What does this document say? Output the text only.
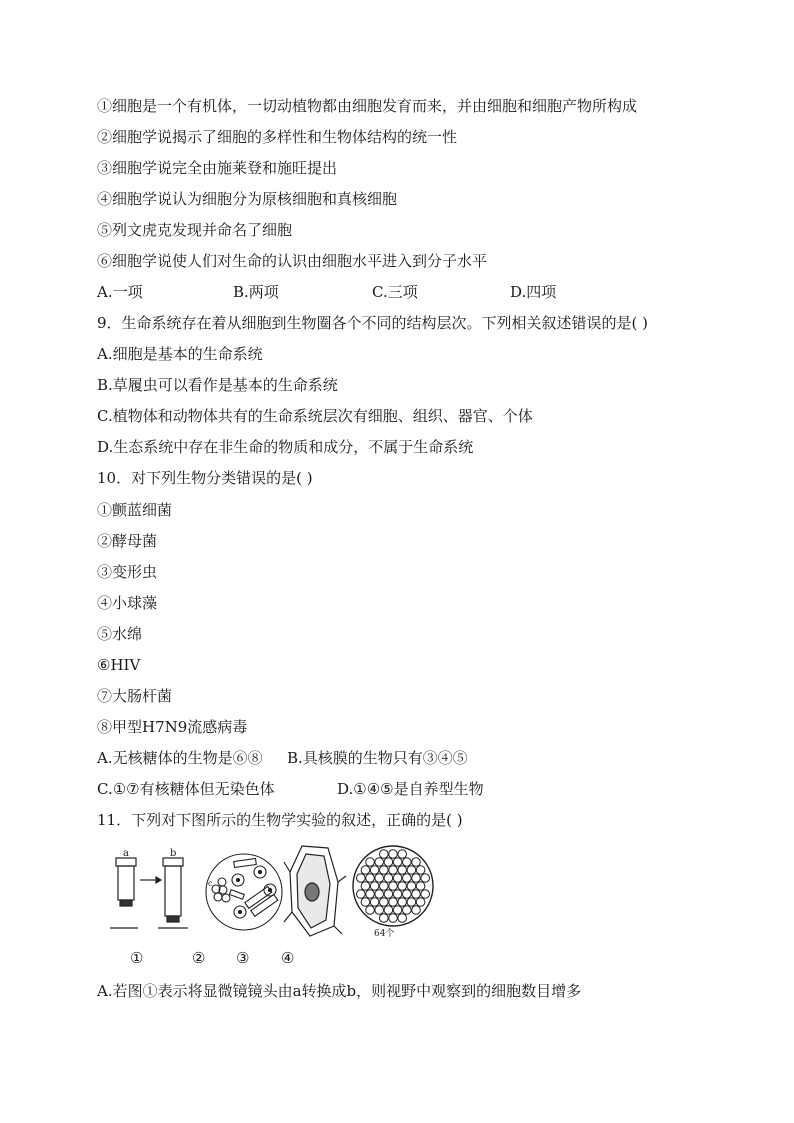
①细胞是一个有机体，一切动植物都由细胞发育而来，并由细胞和细胞产物所构成
②细胞学说揭示了细胞的多样性和生物体结构的统一性
③细胞学说完全由施莱登和施旺提出
④细胞学说认为细胞分为原核细胞和真核细胞
⑤列文虎克发现并命名了细胞
⑥细胞学说使人们对生命的认识由细胞水平进入到分子水平
A.一项	B.两项	C.三项	D.四项
9．生命系统存在着从细胞到生物圈各个不同的结构层次。下列相关叙述错误的是( )
A.细胞是基本的生命系统
B.草履虫可以看作是基本的生命系统
C.植物体和动物体共有的生命系统层次有细胞、组织、器官、个体
D.生态系统中存在非生命的物质和成分，不属于生命系统
10．对下列生物分类错误的是( )
①颤蓝细菌
②酵母菌
③变形虫
④小球藻
⑤水绵
⑥HIV
⑦大肠杆菌
⑧甲型H7N9流感病毒
A.无核糖体的生物是⑥⑧ B.具核膜的生物只有③④⑤
C.①⑦有核糖体但无染色体	D.①④⑤是自养型生物
11．下列对下图所示的生物学实验的叙述，正确的是( )
a	b
c
64个
①	② ③ ④
A.若图①表示将显微镜镜头由a转换成b，则视野中观察到的细胞数目增多
